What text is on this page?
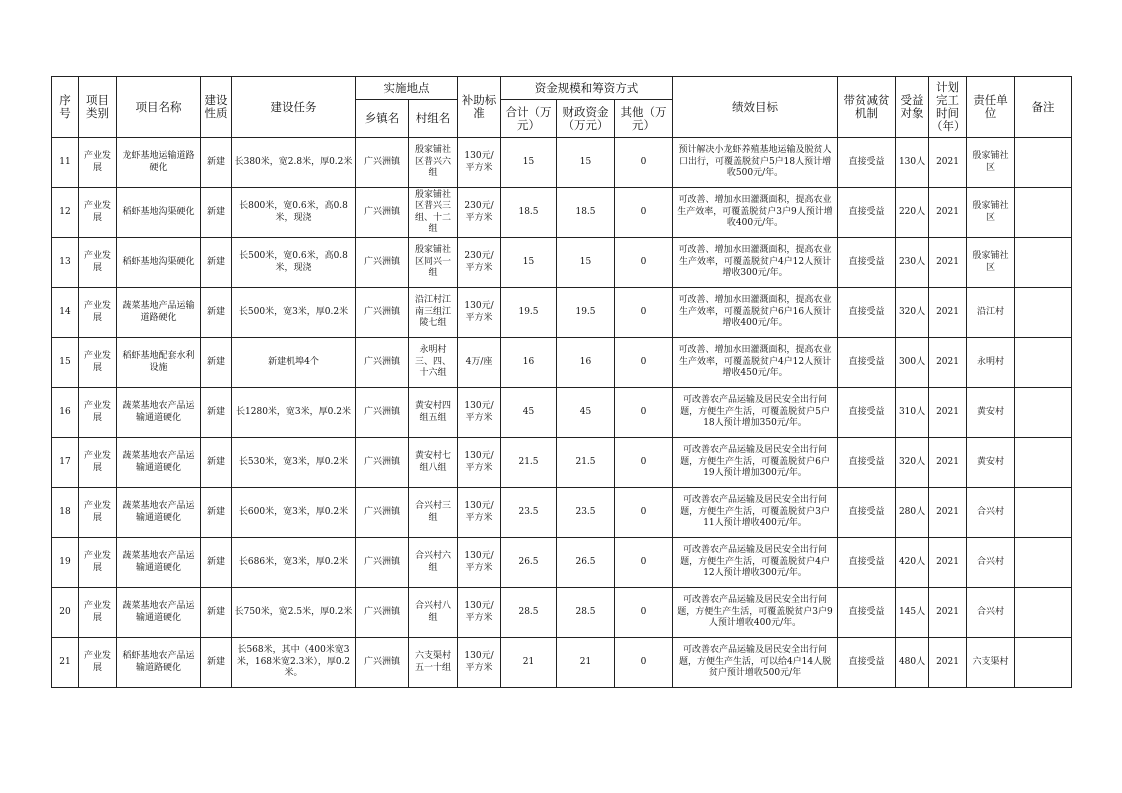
序号	项目类别	项目名称	建设性质	建设任务	实施地点		补助标准	资金规模和筹资方式			绩效目标	带贫减贫机制	受益对象	计划完工时间（年）	责任单位	备注
					乡镇名	村组名		合计（万元）	财政资金（万元）	其他（万元）						
11	产业发展	龙虾基地运输道路硬化	新建	长380米，宽2.8米，厚0.2米	广兴洲镇	殷家铺社区普兴六组	130元/平方米	15	15	0	预计解决小龙虾养殖基地运输及脱贫人口出行，可覆盖脱贫户5户18人预计增收500元/年。	直接受益	130人	2021	殷家铺社区	
12	产业发展	稻虾基地沟渠硬化	新建	长800米，宽0.6米，高0.8米，现浇	广兴洲镇	殷家铺社区普兴三组、十二组	230元/平方米	18.5	18.5	0	可改善、增加水田灌溉面积，提高农业生产效率，可覆盖脱贫户3户9人预计增收400元/年。	直接受益	220人	2021	殷家铺社区	
13	产业发展	稻虾基地沟渠硬化	新建	长500米，宽0.6米，高0.8米，现浇	广兴洲镇	殷家铺社区同兴一组	230元/平方米	15	15	0	可改善、增加水田灌溉面积，提高农业生产效率，可覆盖脱贫户4户12人预计增收300元/年。	直接受益	230人	2021	殷家铺社区	
14	产业发展	蔬菜基地产品运输道路硬化	新建	长500米，宽3米，厚0.2米	广兴洲镇	沿江村江南三组江陵七组	130元/平方米	19.5	19.5	0	可改善、增加水田灌溉面积，提高农业生产效率，可覆盖脱贫户6户16人预计增收400元/年。	直接受益	320人	2021	沿江村	
15	产业发展	稻虾基地配套水利设施	新建	新建机埠4个	广兴洲镇	永明村三、四、十六组	4万/座	16	16	0	可改善、增加水田灌溉面积，提高农业生产效率，可覆盖脱贫户4户12人预计增收450元/年。	直接受益	300人	2021	永明村	
16	产业发展	蔬菜基地农产品运输通道硬化	新建	长1280米，宽3米，厚0.2米	广兴洲镇	黄安村四组五组	130元/平方米	45	45	0	可改善农产品运输及居民安全出行问题，方便生产生活，可覆盖脱贫户5户18人预计增加350元/年。	直接受益	310人	2021	黄安村	
17	产业发展	蔬菜基地农产品运输通道硬化	新建	长530米，宽3米，厚0.2米	广兴洲镇	黄安村七组八组	130元/平方米	21.5	21.5	0	可改善农产品运输及居民安全出行问题，方便生产生活，可覆盖脱贫户6户19人预计增加300元/年。	直接受益	320人	2021	黄安村	
18	产业发展	蔬菜基地农产品运输通道硬化	新建	长600米，宽3米，厚0.2米	广兴洲镇	合兴村三组	130元/平方米	23.5	23.5	0	可改善农产品运输及居民安全出行问题，方便生产生活，可覆盖脱贫户3户11人预计增收400元/年。	直接受益	280人	2021	合兴村	
19	产业发展	蔬菜基地农产品运输通道硬化	新建	长686米，宽3米，厚0.2米	广兴洲镇	合兴村六组	130元/平方米	26.5	26.5	0	可改善农产品运输及居民安全出行问题，方便生产生活，可覆盖脱贫户4户12人预计增收300元/年。	直接受益	420人	2021	合兴村	
20	产业发展	蔬菜基地农产品运输通道硬化	新建	长750米，宽2.5米，厚0.2米	广兴洲镇	合兴村八组	130元/平方米	28.5	28.5	0	可改善农产品运输及居民安全出行问题，方便生产生活，可覆盖脱贫户3户9人预计增收400元/年。	直接受益	145人	2021	合兴村	
21	产业发展	稻虾基地农产品运输道路硬化	新建	长568米，其中（400米宽3米，168米宽2.3米），厚0.2米。	广兴洲镇	六支渠村五一十组	130元/平方米	21	21	0	可改善农产品运输及居民安全出行问题，方便生产生活，可以给4户14人脱贫户预计增收500元/年	直接受益	480人	2021	六支渠村	
